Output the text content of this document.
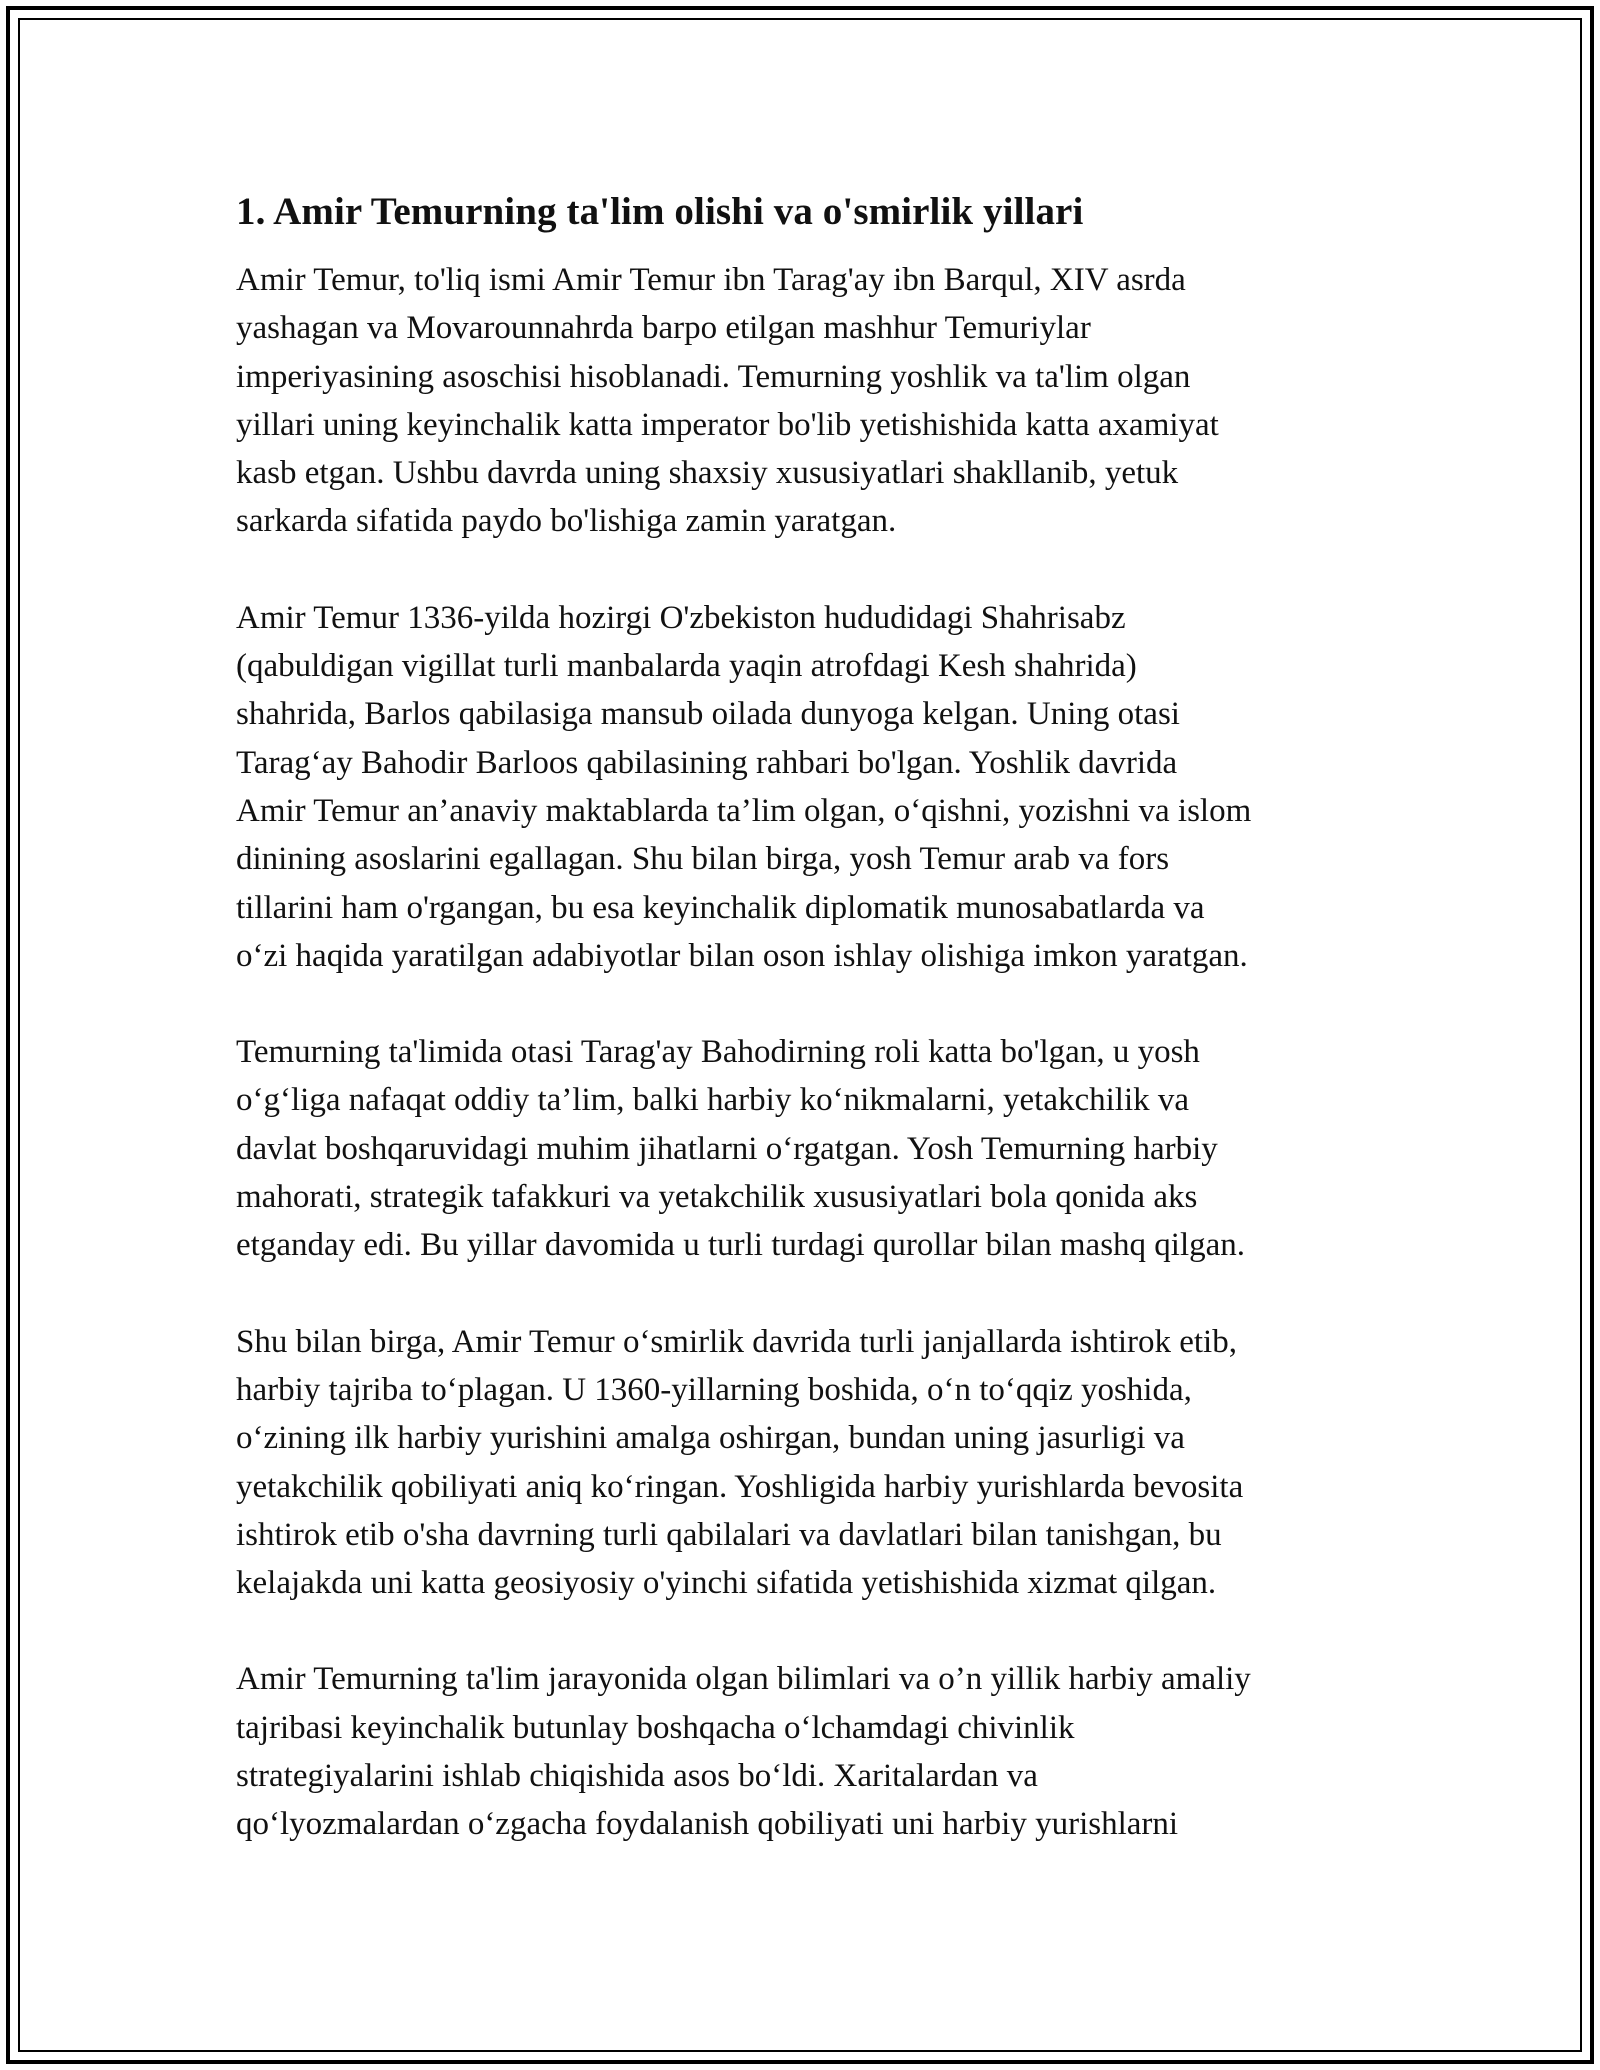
1. Amir Temurning ta'lim olishi va o'smirlik yillari

Amir Temur, to'liq ismi Amir Temur ibn Tarag'ay ibn Barqul, XIV asrda
yashagan va Movarounnahrda barpo etilgan mashhur Temuriylar
imperiyasining asoschisi hisoblanadi. Temurning yoshlik va ta'lim olgan
yillari uning keyinchalik katta imperator bo'lib yetishishida katta axamiyat
kasb etgan. Ushbu davrda uning shaxsiy xususiyatlari shakllanib, yetuk
sarkarda sifatida paydo bo'lishiga zamin yaratgan.

Amir Temur 1336-yilda hozirgi O'zbekiston hududidagi Shahrisabz
(qabuldigan vigillat turli manbalarda yaqin atrofdagi Kesh shahrida)
shahrida, Barlos qabilasiga mansub oilada dunyoga kelgan. Uning otasi
Tarag‘ay Bahodir Barloos qabilasining rahbari bo'lgan. Yoshlik davrida
Amir Temur an’anaviy maktablarda ta’lim olgan, o‘qishni, yozishni va islom
dinining asoslarini egallagan. Shu bilan birga, yosh Temur arab va fors
tillarini ham o'rgangan, bu esa keyinchalik diplomatik munosabatlarda va
o‘zi haqida yaratilgan adabiyotlar bilan oson ishlay olishiga imkon yaratgan.

Temurning ta'limida otasi Tarag'ay Bahodirning roli katta bo'lgan, u yosh
o‘g‘liga nafaqat oddiy ta’lim, balki harbiy ko‘nikmalarni, yetakchilik va
davlat boshqaruvidagi muhim jihatlarni o‘rgatgan. Yosh Temurning harbiy
mahorati, strategik tafakkuri va yetakchilik xususiyatlari bola qonida aks
etganday edi. Bu yillar davomida u turli turdagi qurollar bilan mashq qilgan.

Shu bilan birga, Amir Temur o‘smirlik davrida turli janjallarda ishtirok etib,
harbiy tajriba to‘plagan. U 1360-yillarning boshida, o‘n to‘qqiz yoshida,
o‘zining ilk harbiy yurishini amalga oshirgan, bundan uning jasurligi va
yetakchilik qobiliyati aniq ko‘ringan. Yoshligida harbiy yurishlarda bevosita
ishtirok etib o'sha davrning turli qabilalari va davlatlari bilan tanishgan, bu
kelajakda uni katta geosiyosiy o'yinchi sifatida yetishishida xizmat qilgan.

Amir Temurning ta'lim jarayonida olgan bilimlari va o’n yillik harbiy amaliy
tajribasi keyinchalik butunlay boshqacha o‘lchamdagi chivinlik
strategiyalarini ishlab chiqishida asos bo‘ldi. Xaritalardan va
qo‘lyozmalardan o‘zgacha foydalanish qobiliyati uni harbiy yurishlarni
